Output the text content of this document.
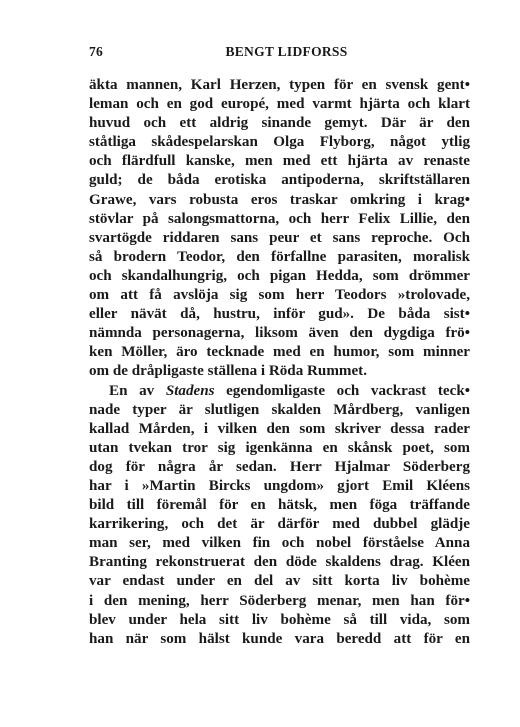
76	BENGT LIDFORSS
äkta mannen, Karl Herzen, typen för en svensk gent•
leman och en god europé, med varmt hjärta och klart
huvud och ett aldrig sinande gemyt. Där är den
ståtliga skådespelarskan Olga Flyborg, något ytlig
och flärdfull kanske, men med ett hjärta av renaste
guld; de båda erotiska antipoderna, skriftställaren
Grawe, vars robusta eros traskar omkring i krag•
stövlar på salongsmattorna, och herr Felix Lillie, den
svartögde riddaren sans peur et sans reproche. Och
så brodern Teodor, den förfallne parasiten, moralisk
och skandalhungrig, och pigan Hedda, som drömmer
om att få avslöja sig som herr Teodors »trolovade,
eller nävät då, hustru, inför gud». De båda sist•
nämnda personagerna, liksom även den dygdiga frö•
ken Möller, äro tecknade med en humor, som minner
om de dråpligaste ställena i Röda Rummet.
En av Stadens egendomligaste och vackrast teck•
nade typer är slutligen skalden Mårdberg, vanligen
kallad Mården, i vilken den som skriver dessa rader
utan tvekan tror sig igenkänna en skånsk poet, som
dog för några år sedan. Herr Hjalmar Söderberg
har i »Martin Bircks ungdom» gjort Emil Kléens
bild till föremål för en hätsk, men föga träffande
karrikering, och det är därför med dubbel glädje
man ser, med vilken fin och nobel förståelse Anna
Branting rekonstruerat den döde skaldens drag. Kléen
var endast under en del av sitt korta liv bohème
i den mening, herr Söderberg menar, men han för•
blev under hela sitt liv bohème så till vida, som
han när som hälst kunde vara beredd att för en
